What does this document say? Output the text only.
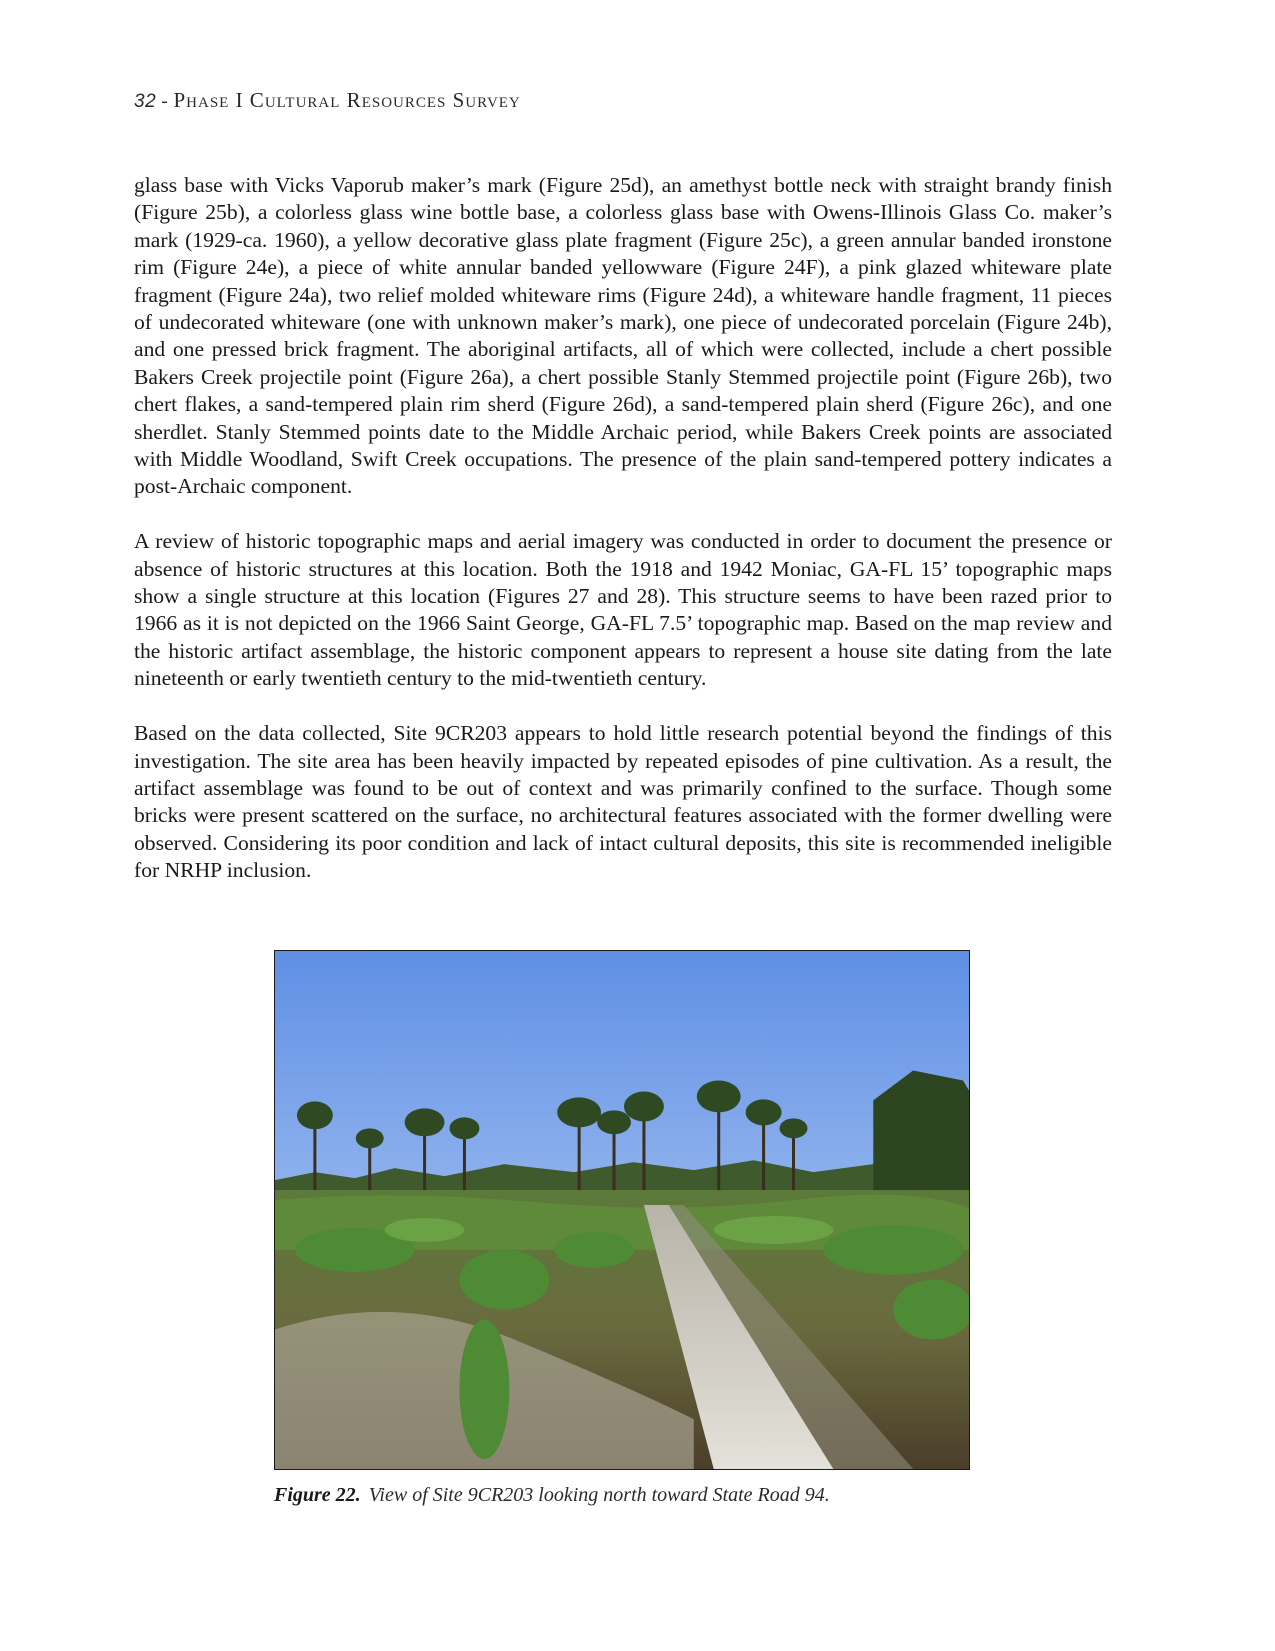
32 - Phase I Cultural Resources Survey

glass base with Vicks Vaporub maker’s mark (Figure 25d), an amethyst bottle neck with straight brandy finish (Figure 25b), a colorless glass wine bottle base, a colorless glass base with Owens-Illinois Glass Co. maker’s mark (1929-ca. 1960), a yellow decorative glass plate fragment (Figure 25c), a green annular banded ironstone rim (Figure 24e), a piece of white annular banded yellowware (Figure 24F), a pink glazed whiteware plate fragment (Figure 24a), two relief molded whiteware rims (Figure 24d), a whiteware handle fragment, 11 pieces of undecorated whiteware (one with unknown maker’s mark), one piece of undecorated porcelain (Figure 24b), and one pressed brick fragment. The aboriginal artifacts, all of which were collected, include a chert possible Bakers Creek projectile point (Figure 26a), a chert possible Stanly Stemmed projectile point (Figure 26b), two chert flakes, a sand-tempered plain rim sherd (Figure 26d), a sand-tempered plain sherd (Figure 26c), and one sherdlet. Stanly Stemmed points date to the Middle Archaic period, while Bakers Creek points are associated with Middle Woodland, Swift Creek occupations. The presence of the plain sand-tempered pottery indicates a post-Archaic component.

A review of historic topographic maps and aerial imagery was conducted in order to document the presence or absence of historic structures at this location. Both the 1918 and 1942 Moniac, GA-FL 15’ topographic maps show a single structure at this location (Figures 27 and 28). This structure seems to have been razed prior to 1966 as it is not depicted on the 1966 Saint George, GA-FL 7.5’ topographic map. Based on the map review and the historic artifact assemblage, the historic component appears to represent a house site dating from the late nineteenth or early twentieth century to the mid-twentieth century.

Based on the data collected, Site 9CR203 appears to hold little research potential beyond the findings of this investigation. The site area has been heavily impacted by repeated episodes of pine cultivation. As a result, the artifact assemblage was found to be out of context and was primarily confined to the surface. Though some bricks were present scattered on the surface, no architectural features associated with the former dwelling were observed. Considering its poor condition and lack of intact cultural deposits, this site is recommended ineligible for NRHP inclusion.

Figure 22. View of Site 9CR203 looking north toward State Road 94.
